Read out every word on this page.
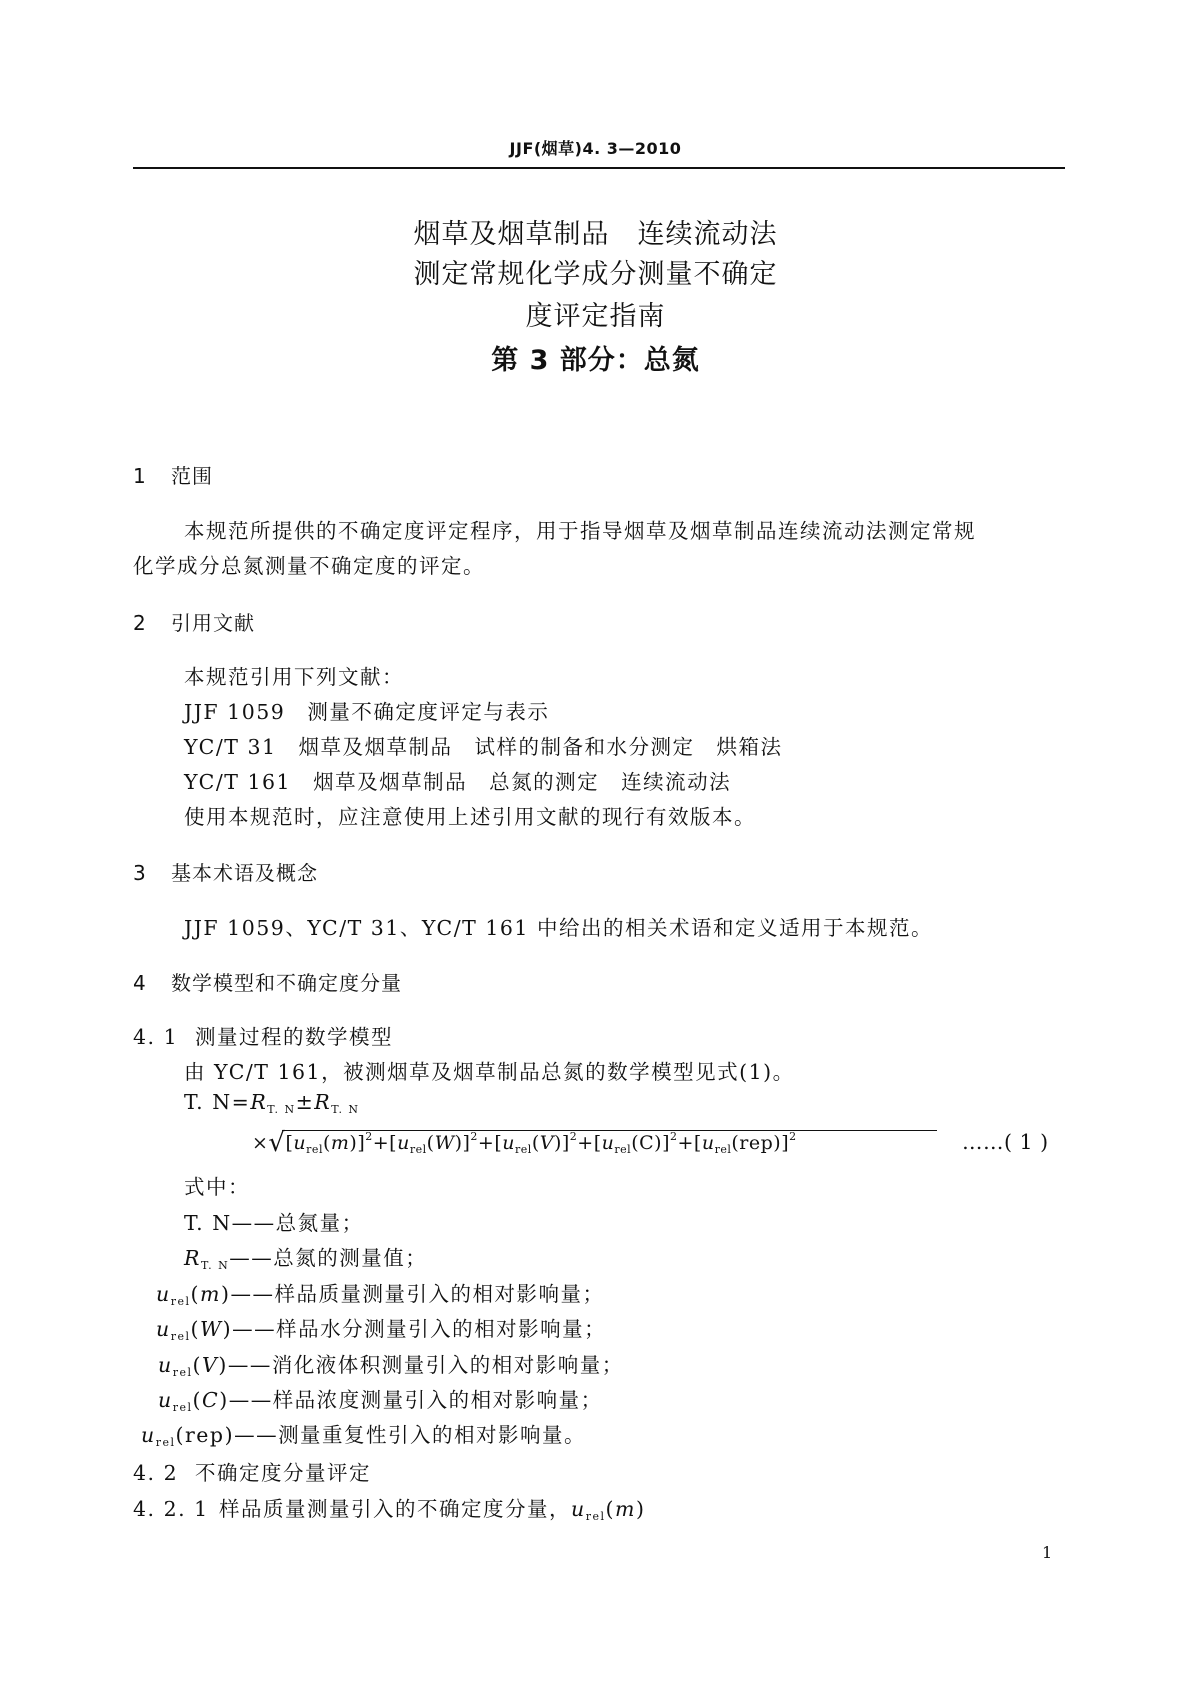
JJF(烟草)4. 3—2010
烟草及烟草制品　连续流动法
测定常规化学成分测量不确定
度评定指南
第 3 部分：总氮
1 范围
本规范所提供的不确定度评定程序，用于指导烟草及烟草制品连续流动法测定常规
化学成分总氮测量不确定度的评定。
2 引用文献
本规范引用下列文献：
JJF 1059　测量不确定度评定与表示
YC/T 31　烟草及烟草制品　试样的制备和水分测定　烘箱法
YC/T 161　烟草及烟草制品　总氮的测定　连续流动法
使用本规范时，应注意使用上述引用文献的现行有效版本。
3 基本术语及概念
JJF 1059、YC/T 31、YC/T 161 中给出的相关术语和定义适用于本规范。
4 数学模型和不确定度分量
4. 1 测量过程的数学模型
由 YC/T 161，被测烟草及烟草制品总氮的数学模型见式(1)。
T. $N=R_{T. N}\pm R_{T. N}$
$\times√[u_{rel}(m)]^2+[u_{rel}(W)]^2+[u_{rel}(V)]^2+[u_{rel}(C)]^2+[u_{rel}(rep)]^2$	……( 1 )
式中：
T. N——总氮量；
$R_{T. N}——$总氮的测量值；
$u_{rel}(m)——$样品质量测量引入的相对影响量；
$u_{rel}(W)——$样品水分测量引入的相对影响量；
$u_{rel}(V)——$消化液体积测量引入的相对影响量；
$u_{rel}(C)——$样品浓度测量引入的相对影响量；
$u_{rel}(rep)——$测量重复性引入的相对影响量。
4. 2 不确定度分量评定
4. 2. 1 样品质量测量引入的不确定度分量，$u_{rel}(m)$
1
